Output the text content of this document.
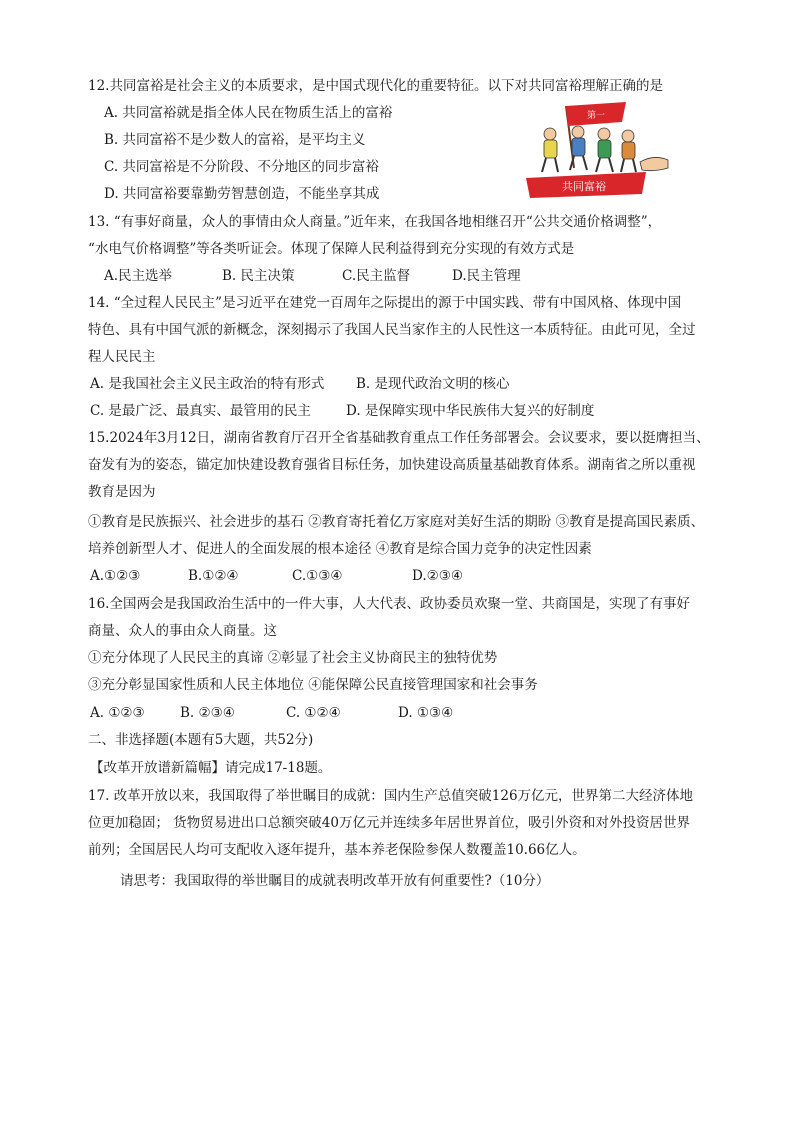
12.共同富裕是社会主义的本质要求，是中国式现代化的重要特征。以下对共同富裕理解正确的是
A. 共同富裕就是指全体人民在物质生活上的富裕
B. 共同富裕不是少数人的富裕，是平均主义
C. 共同富裕是不分阶段、不分地区的同步富裕
D. 共同富裕要靠勤劳智慧创造，不能坐享其成
第一
共同富裕
13. “有事好商量，众人的事情由众人商量。”近年来，在我国各地相继召开“公共交通价格调整”，
“水电气价格调整”等各类听证会。体现了保障人民利益得到充分实现的有效方式是
A.民主选举	B. 民主决策	C.民主监督	D.民主管理
14. “全过程人民民主”是习近平在建党一百周年之际提出的源于中国实践、带有中国风格、体现中国
特色、具有中国气派的新概念，深刻揭示了我国人民当家作主的人民性这一本质特征。由此可见，全过
程人民民主
A. 是我国社会主义民主政治的特有形式 B. 是现代政治文明的核心
C. 是最广泛、最真实、最管用的民主	D. 是保障实现中华民族伟大复兴的好制度
15.2024年3月12日，湖南省教育厅召开全省基础教育重点工作任务部署会。会议要求，要以挺膺担当、
奋发有为的姿态，锚定加快建设教育强省目标任务，加快建设高质量基础教育体系。湖南省之所以重视
教育是因为
①教育是民族振兴、社会进步的基石 ②教育寄托着亿万家庭对美好生活的期盼 ③教育是提高国民素质、
培养创新型人才、促进人的全面发展的根本途径 ④教育是综合国力竞争的决定性因素
A.①②③	B.①②④	C.①③④	D.②③④
16.全国两会是我国政治生活中的一件大事，人大代表、政协委员欢聚一堂、共商国是，实现了有事好
商量、众人的事由众人商量。这
①充分体现了人民民主的真谛 ②彰显了社会主义协商民主的独特优势
③充分彰显国家性质和人民主体地位 ④能保障公民直接管理国家和社会事务
A. ①②③	B. ②③④	C. ①②④	D. ①③④
二、非选择题(本题有5大题，共52分)
【改革开放谱新篇幅】请完成17-18题。
17. 改革开放以来，我国取得了举世瞩目的成就：国内生产总值突破126万亿元，世界第二大经济体地
位更加稳固； 货物贸易进出口总额突破40万亿元并连续多年居世界首位，吸引外资和对外投资居世界
前列；全国居民人均可支配收入逐年提升，基本养老保险参保人数覆盖10.66亿人。
请思考：我国取得的举世瞩目的成就表明改革开放有何重要性?（10分）
